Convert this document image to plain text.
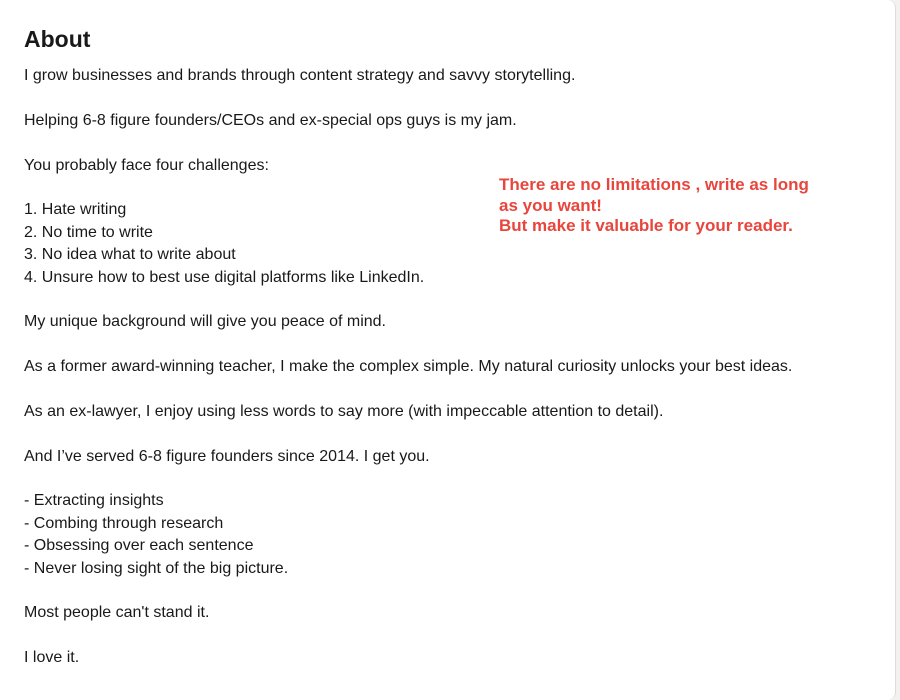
About
I grow businesses and brands through content strategy and savvy storytelling.
Helping 6-8 figure founders/CEOs and ex-special ops guys is my jam.
You probably face four challenges:
1. Hate writing
2. No time to write
3. No idea what to write about
4. Unsure how to best use digital platforms like LinkedIn.
My unique background will give you peace of mind.
As a former award-winning teacher, I make the complex simple. My natural curiosity unlocks your best ideas.
As an ex-lawyer, I enjoy using less words to say more (with impeccable attention to detail).
And I’ve served 6-8 figure founders since 2014. I get you.
- Extracting insights
- Combing through research
- Obsessing over each sentence
- Never losing sight of the big picture.
Most people can't stand it.
I love it.
There are no limitations , write as long
as you want!
But make it valuable for your reader.
